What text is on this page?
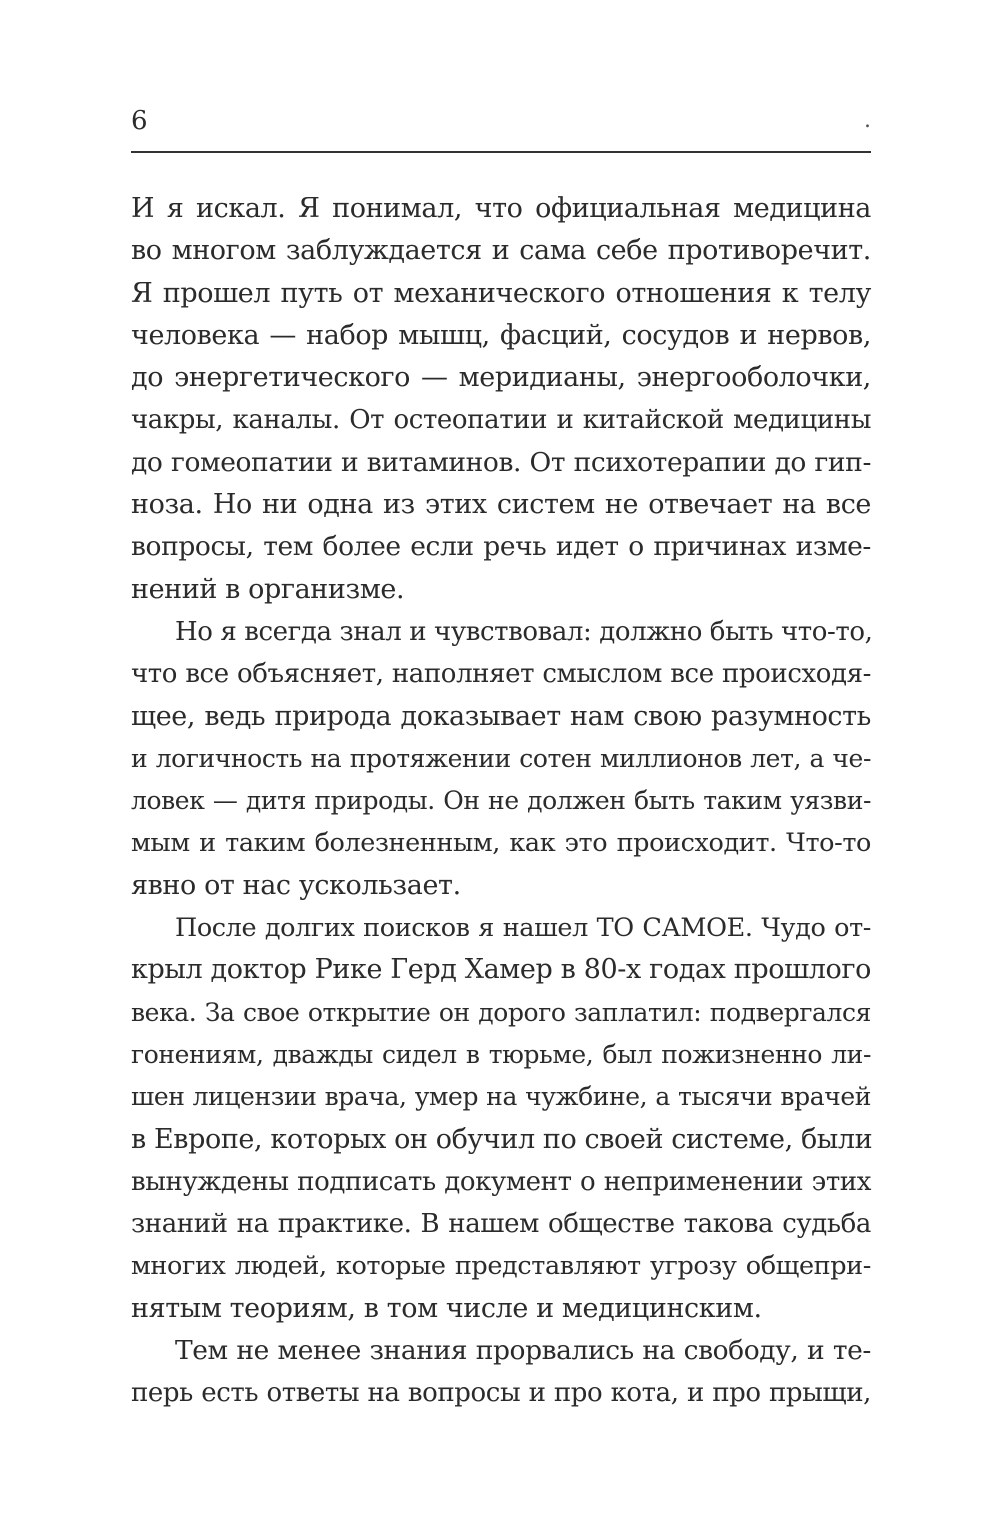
6	.
И я искал. Я понимал, что официальная медицина
во многом заблуждается и сама себе противоречит.
Я прошел путь от механического отношения к телу
человека — набор мышц, фасций, сосудов и нервов,
до энергетического — меридианы, энергооболочки,
чакры, каналы. От остеопатии и китайской медицины
до гомеопатии и витаминов. От психотерапии до гип-
ноза. Но ни одна из этих систем не отвечает на все
вопросы, тем более если речь идет о причинах изме-
нений в организме.
Но я всегда знал и чувствовал: должно быть что-то,
что все объясняет, наполняет смыслом все происходя-
щее, ведь природа доказывает нам свою разумность
и логичность на протяжении сотен миллионов лет, а че-
ловек — дитя природы. Он не должен быть таким уязви-
мым и таким болезненным, как это происходит. Что-то
явно от нас ускользает.
После долгих поисков я нашел ТО САМОЕ. Чудо от-
крыл доктор Рике Герд Хамер в 80-х годах прошлого
века. За свое открытие он дорого заплатил: подвергался
гонениям, дважды сидел в тюрьме, был пожизненно ли-
шен лицензии врача, умер на чужбине, а тысячи врачей
в Европе, которых он обучил по своей системе, были
вынуждены подписать документ о неприменении этих
знаний на практике. В нашем обществе такова судьба
многих людей, которые представляют угрозу общепри-
нятым теориям, в том числе и медицинским.
Тем не менее знания прорвались на свободу, и те-
перь есть ответы на вопросы и про кота, и про прыщи,
